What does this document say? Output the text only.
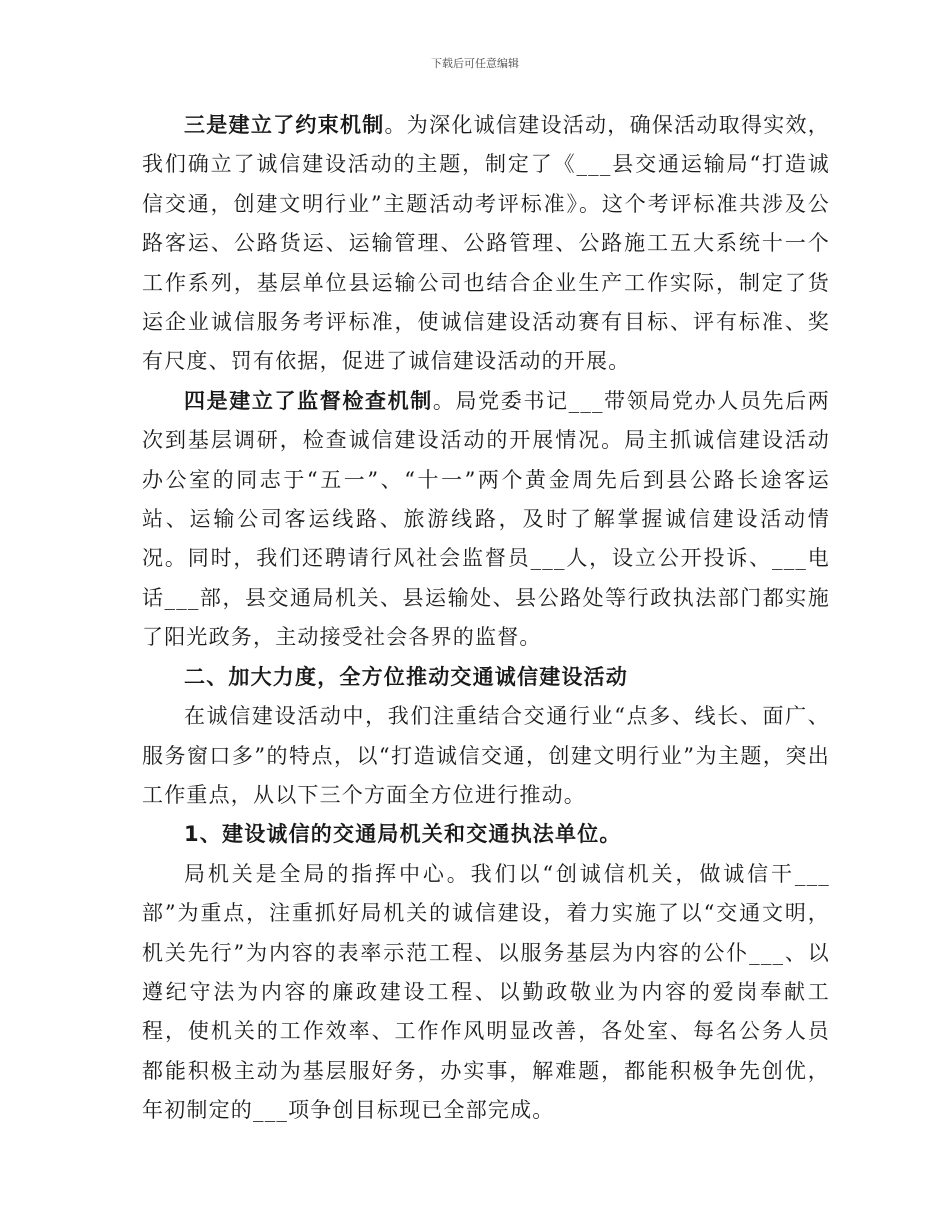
下载后可任意编辑

三是建立了约束机制。为深化诚信建设活动，确保活动取得实效，我们确立了诚信建设活动的主题，制定了《___县交通运输局“打造诚信交通，创建文明行业”主题活动考评标准》。这个考评标准共涉及公路客运、公路货运、运输管理、公路管理、公路施工五大系统十一个工作系列，基层单位县运输公司也结合企业生产工作实际，制定了货运企业诚信服务考评标准，使诚信建设活动赛有目标、评有标准、奖有尺度、罚有依据，促进了诚信建设活动的开展。

四是建立了监督检查机制。局党委书记___带领局党办人员先后两次到基层调研，检查诚信建设活动的开展情况。局主抓诚信建设活动办公室的同志于“五一”、“十一”两个黄金周先后到县公路长途客运站、运输公司客运线路、旅游线路，及时了解掌握诚信建设活动情况。同时，我们还聘请行风社会监督员___人，设立公开投诉、___电话___部，县交通局机关、县运输处、县公路处等行政执法部门都实施了阳光政务，主动接受社会各界的监督。

二、加大力度，全方位推动交通诚信建设活动

在诚信建设活动中，我们注重结合交通行业“点多、线长、面广、服务窗口多”的特点，以“打造诚信交通，创建文明行业”为主题，突出工作重点，从以下三个方面全方位进行推动。

1、建设诚信的交通局机关和交通执法单位。

局机关是全局的指挥中心。我们以“创诚信机关，做诚信干___部”为重点，注重抓好局机关的诚信建设，着力实施了以“交通文明，机关先行”为内容的表率示范工程、以服务基层为内容的公仆___、以遵纪守法为内容的廉政建设工程、以勤政敬业为内容的爱岗奉献工程，使机关的工作效率、工作作风明显改善，各处室、每名公务人员都能积极主动为基层服好务，办实事，解难题，都能积极争先创优，年初制定的___项争创目标现已全部完成。
